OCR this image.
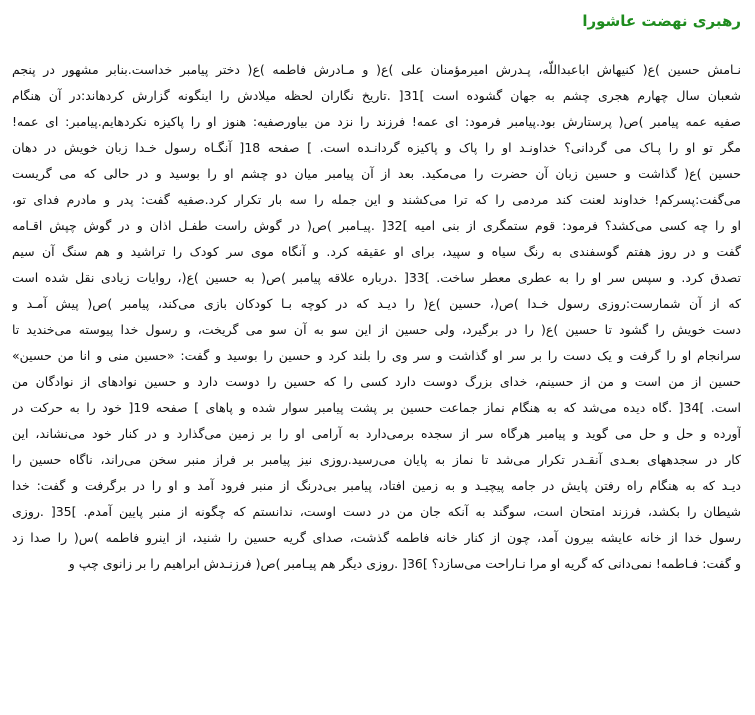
رهبری نهضت عاشورا
نـامش حسین )ع( کنیهاش اباعبداللّه، پـدرش امیرمؤمنان علی )ع( و مـادرش فاطمه )ع( دختر پیامبر خداست.بنابر مشهور در پنجم
شعبان سال چهارم هجری چشم به جهان گشوده است ]31[ .تاریخ نگاران لحظه میلادش را اینگونه گزارش کردهاند:در آن هنگام
صفیه عمه پیامبر )ص( پرستارش بود.پیامبر فرمود: ای عمه! فرزند را نزد من بیاورصفیه: هنوز او را پاکیزه نکردهایم.پیامبر: ای عمه!
مگر تو او را پـاک می گردانی؟ خداونـد او را پاک و پاکیزه گردانـده است. ] صفحه 18[ آنگـاه رسول خـدا زبان خویش در دهان
حسین )ع( گذاشت و حسین زبان آن حضرت را می‌مکید. بعد از آن پیامبر میان دو چشم او را بوسید و در حالی که می گریست
می‌گفت:پسرکم! خداوند لعنت کند مردمی را که ترا می‌کشند و این جمله را سه بار تکرار کرد.صفیه گفت: پدر و مادرم فدای تو،
او را چه کسی می‌کشد؟ فرمود: قوم ستمگری از بنی امیه ]32[ .پیـامبر )ص( در گوش راست طفـل اذان و در گوش چپش اقـامه
گفت و در روز هفتم گوسفندی به رنگ سیاه و سپید، برای او عقیقه کرد. و آنگاه موی سر کودک را تراشید و هم سنگ آن سیم
تصدق کرد. و سپس سر او را به عطری معطر ساخت. ]33[ .درباره علاقه پیامبر )ص( به حسین )ع(، روایات زیادی نقل شده است
که از آن شمارست:روزی رسول خـدا )ص(، حسین )ع( را دیـد که در کوچه بـا کودکان بازی می‌کند، پیامبر )ص( پیش آمـد و
دست خویش را گشود تا حسین )ع( را در برگیرد، ولی حسین از این سو به آن سو می گریخت، و رسول خدا پیوسته می‌خندید تا
سرانجام او را گرفت و یک دست را بر سر او گذاشت و سر وی را بلند کرد و حسین را بوسید و گفت: «حسین منی و انا من حسین»
حسین از من است و من از حسینم، خدای بزرگ دوست دارد کسی را که حسین را دوست دارد و حسین نوادهای از نوادگان من
است. ]34[ .گاه دیده می‌شد که به هنگام نماز جماعت حسین بر پشت پیامبر سوار شده و پاهای ] صفحه 19[ خود را به حرکت در
آورده و حل و حل می گوید و پیامبر هرگاه سر از سجده برمی‌دارد به آرامی او را بر زمین می‌گذارد و در کنار خود می‌نشاند، این
کار در سجدههای بعـدی آنقـدر تکرار می‌شد تا نماز به پایان می‌رسید.روزی نیز پیامبر بر فراز منبر سخن می‌راند، ناگاه حسین را
دیـد که به هنگام راه رفتن پایش در جامه پیچیـد و به زمین افتاد، پیامبر بی‌درنگ از منبر فرود آمد و او را در برگرفت و گفت: خدا
شیطان را بکشد، فرزند امتحان است، سوگند به آنکه جان من در دست اوست، ندانستم که چگونه از منبر پایین آمدم. ]35[ .روزی
رسول خدا از خانه عایشه بیرون آمد، چون از کنار خانه فاطمه گذشت، صدای گریه حسین را شنید، از اینرو فاطمه )س( را صدا زد
و گفت: فـاطمه! نمی‌دانی که گریه او مرا نـاراحت می‌سازد؟ ]36[ .روزی دیگر هم پیـامبر )ص( فرزنـدش ابراهیم را بر زانوی چپ و
